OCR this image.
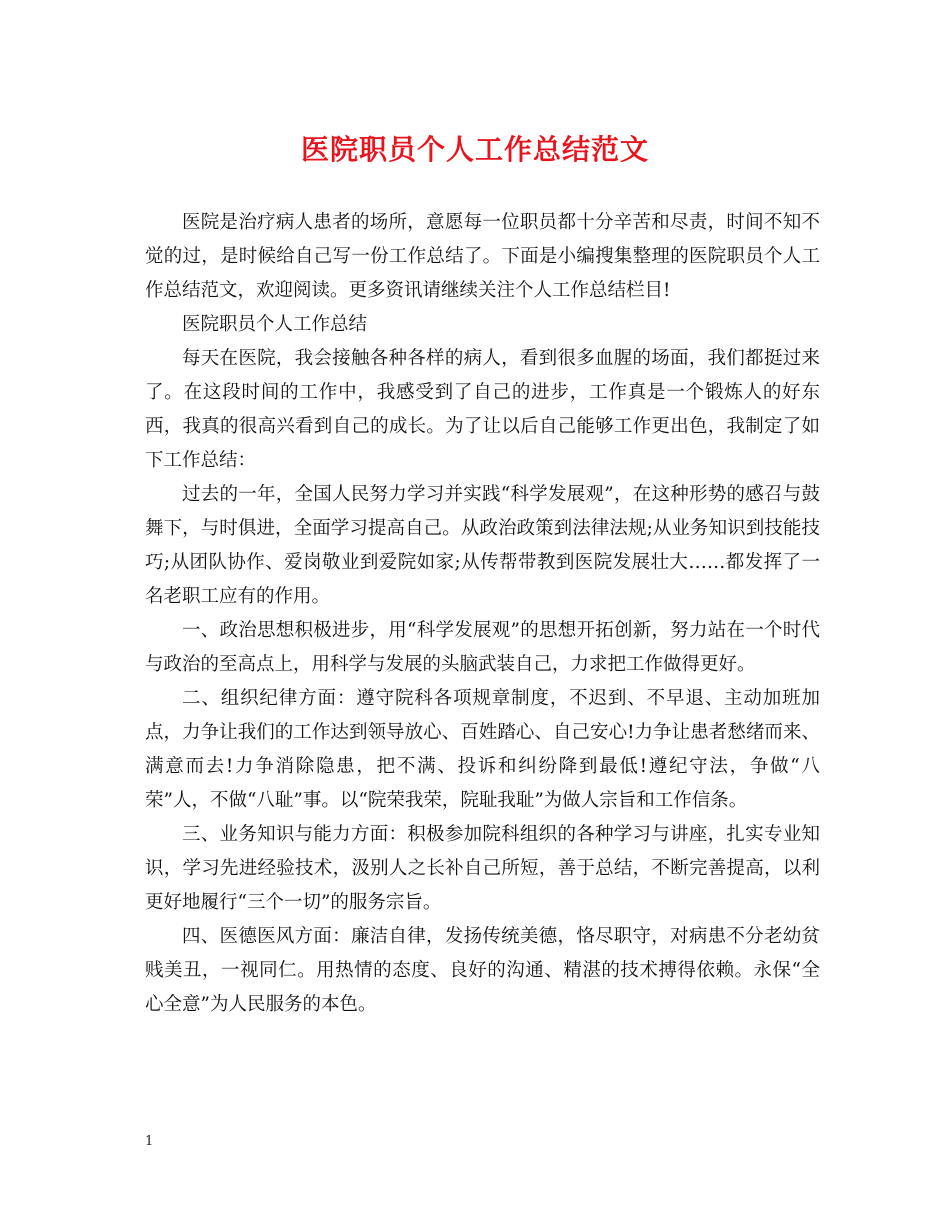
医院职员个人工作总结范文

医院是治疗病人患者的场所，意愿每一位职员都十分辛苦和尽责，时间不知不觉的过，是时候给自己写一份工作总结了。下面是小编搜集整理的医院职员个人工作总结范文，欢迎阅读。更多资讯请继续关注个人工作总结栏目!

医院职员个人工作总结

每天在医院，我会接触各种各样的病人，看到很多血腥的场面，我们都挺过来了。在这段时间的工作中，我感受到了自己的进步，工作真是一个锻炼人的好东西，我真的很高兴看到自己的成长。为了让以后自己能够工作更出色，我制定了如下工作总结：

过去的一年，全国人民努力学习并实践“科学发展观”，在这种形势的感召与鼓舞下，与时俱进，全面学习提高自己。从政治政策到法律法规;从业务知识到技能技巧;从团队协作、爱岗敬业到爱院如家;从传帮带教到医院发展壮大……都发挥了一名老职工应有的作用。

一、政治思想积极进步，用“科学发展观”的思想开拓创新，努力站在一个时代与政治的至高点上，用科学与发展的头脑武装自己，力求把工作做得更好。

二、组织纪律方面：遵守院科各项规章制度，不迟到、不早退、主动加班加点，力争让我们的工作达到领导放心、百姓踏心、自己安心!力争让患者愁绪而来、满意而去!力争消除隐患，把不满、投诉和纠纷降到最低!遵纪守法，争做“八荣”人，不做“八耻”事。以“院荣我荣，院耻我耻”为做人宗旨和工作信条。

三、业务知识与能力方面：积极参加院科组织的各种学习与讲座，扎实专业知识，学习先进经验技术，汲别人之长补自己所短，善于总结，不断完善提高，以利更好地履行“三个一切”的服务宗旨。

四、医德医风方面：廉洁自律，发扬传统美德，恪尽职守，对病患不分老幼贫贱美丑，一视同仁。用热情的态度、良好的沟通、精湛的技术搏得依赖。永保“全心全意”为人民服务的本色。

1
